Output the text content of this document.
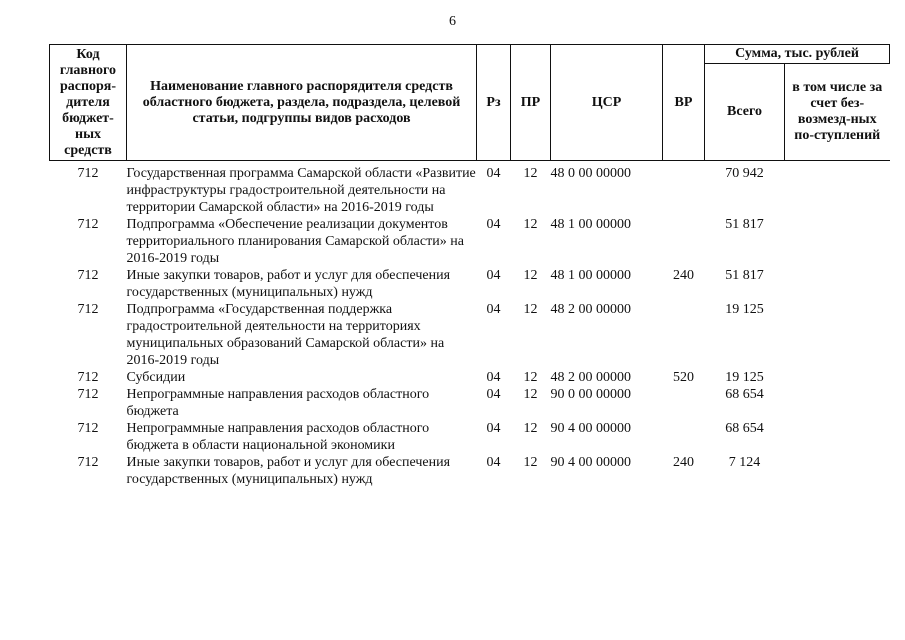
6
Код главного распоря-дителя бюджет-ных средств	Наименование главного распорядителя средств областного бюджета, раздела, подраздела, целевой статьи, подгруппы видов расходов	Рз	ПР	ЦСР	ВР	Сумма, тыс. рублей	
						Всего	в том числе за счет без-возмезд-ных по-ступлений
712	Государственная программа Самарской области «Развитие инфраструктуры градостроительной деятельности на территории Самарской области» на 2016-2019 годы	04	12	48 0 00 00000		70 942	
712	Подпрограмма «Обеспечение реализации документов территориального планирования Самарской области» на 2016-2019 годы	04	12	48 1 00 00000		51 817	
712	Иные закупки товаров, работ и услуг для обеспечения государственных (муниципальных) нужд	04	12	48 1 00 00000	240	51 817	
712	Подпрограмма «Государственная поддержка градостроительной деятельности на территориях муниципальных образований Самарской области» на 2016-2019 годы	04	12	48 2 00 00000		19 125	
712	Субсидии	04	12	48 2 00 00000	520	19 125	
712	Непрограммные направления расходов областного бюджета	04	12	90 0 00 00000		68 654	
712	Непрограммные направления расходов областного бюджета в области национальной экономики	04	12	90 4 00 00000		68 654	
712	Иные закупки товаров, работ и услуг для обеспечения государственных (муниципальных) нужд	04	12	90 4 00 00000	240	7 124	
